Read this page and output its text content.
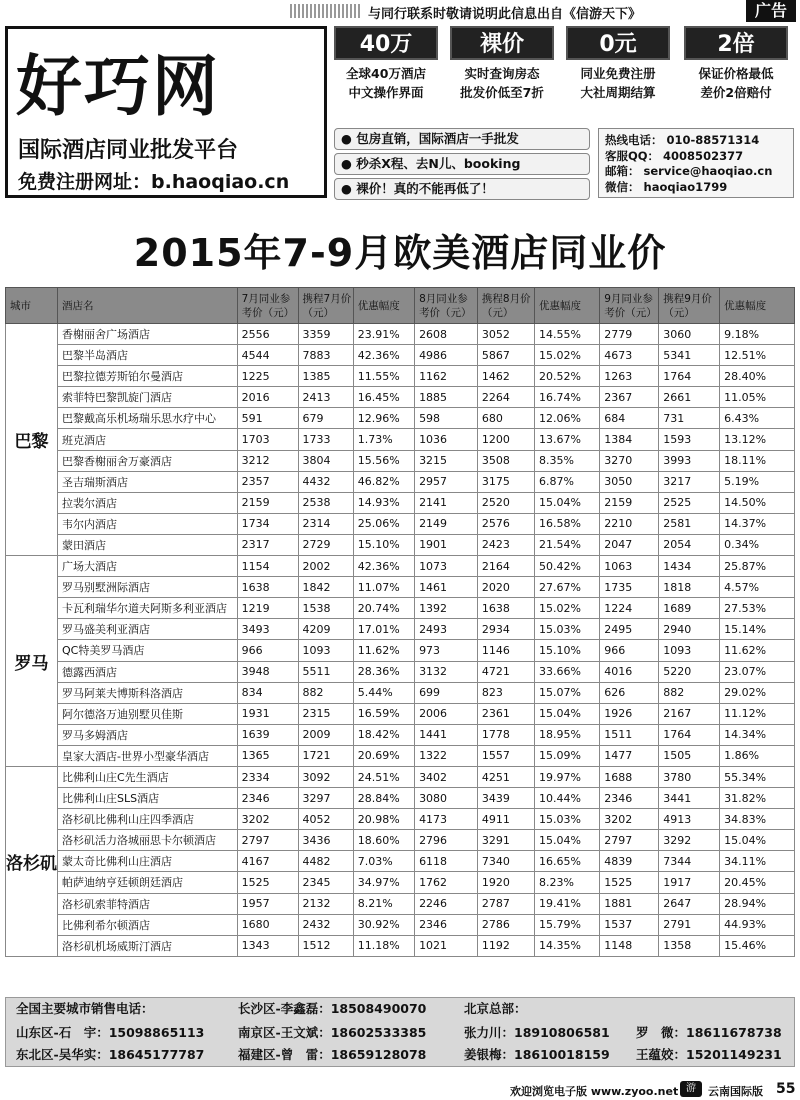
与同行联系时敬请说明此信息出自《信游天下》	广告
好巧网
国际酒店同业批发平台
免费注册网址：b.haoqiao.cn
40万
全球40万酒店
中文操作界面
裸价
实时查询房态
批发价低至7折
0元
同业免费注册
大社周期结算
2倍
保证价格最低
差价2倍赔付
● 包房直销，国际酒店一手批发
● 秒杀X程、去N儿、booking
● 裸价！真的不能再低了！
热线电话： 010-88571314
客服QQ： 4008502377
邮箱： service@haoqiao.cn
微信： haoqiao1799
2015年7-9月欧美酒店同业价
城市	酒店名	7月同业参考价（元）	携程7月价（元）	优惠幅度	8月同业参考价（元）	携程8月价（元）	优惠幅度	9月同业参考价（元）	携程9月价（元）	优惠幅度
巴黎	香榭丽舍广场酒店	2556	3359	23.91%	2608	3052	14.55%	2779	3060	9.18%
	巴黎半岛酒店	4544	7883	42.36%	4986	5867	15.02%	4673	5341	12.51%
	巴黎拉德芳斯铂尔曼酒店	1225	1385	11.55%	1162	1462	20.52%	1263	1764	28.40%
	索菲特巴黎凯旋门酒店	2016	2413	16.45%	1885	2264	16.74%	2367	2661	11.05%
	巴黎戴高乐机场瑞乐思水疗中心	591	679	12.96%	598	680	12.06%	684	731	6.43%
	班克酒店	1703	1733	1.73%	1036	1200	13.67%	1384	1593	13.12%
	巴黎香榭丽舍万豪酒店	3212	3804	15.56%	3215	3508	8.35%	3270	3993	18.11%
	圣吉瑞斯酒店	2357	4432	46.82%	2957	3175	6.87%	3050	3217	5.19%
	拉裴尔酒店	2159	2538	14.93%	2141	2520	15.04%	2159	2525	14.50%
	韦尔内酒店	1734	2314	25.06%	2149	2576	16.58%	2210	2581	14.37%
	蒙田酒店	2317	2729	15.10%	1901	2423	21.54%	2047	2054	0.34%
罗马	广场大酒店	1154	2002	42.36%	1073	2164	50.42%	1063	1434	25.87%
	罗马别墅洲际酒店	1638	1842	11.07%	1461	2020	27.67%	1735	1818	4.57%
	卡瓦利瑞华尔道夫阿斯多利亚酒店	1219	1538	20.74%	1392	1638	15.02%	1224	1689	27.53%
	罗马盛美利亚酒店	3493	4209	17.01%	2493	2934	15.03%	2495	2940	15.14%
	QC特美罗马酒店	966	1093	11.62%	973	1146	15.10%	966	1093	11.62%
	德露西酒店	3948	5511	28.36%	3132	4721	33.66%	4016	5220	23.07%
	罗马阿莱夫博斯科洛酒店	834	882	5.44%	699	823	15.07%	626	882	29.02%
	阿尔德洛万迪别墅贝佳斯	1931	2315	16.59%	2006	2361	15.04%	1926	2167	11.12%
	罗马多姆酒店	1639	2009	18.42%	1441	1778	18.95%	1511	1764	14.34%
	皇家大酒店-世界小型豪华酒店	1365	1721	20.69%	1322	1557	15.09%	1477	1505	1.86%
洛杉矶	比佛利山庄C先生酒店	2334	3092	24.51%	3402	4251	19.97%	1688	3780	55.34%
	比佛利山庄SLS酒店	2346	3297	28.84%	3080	3439	10.44%	2346	3441	31.82%
	洛杉矶比佛利山庄四季酒店	3202	4052	20.98%	4173	4911	15.03%	3202	4913	34.83%
	洛杉矶活力洛城丽思卡尔顿酒店	2797	3436	18.60%	2796	3291	15.04%	2797	3292	15.04%
	蒙太奇比佛利山庄酒店	4167	4482	7.03%	6118	7340	16.65%	4839	7344	34.11%
	帕萨迪纳亨廷顿朗廷酒店	1525	2345	34.97%	1762	1920	8.23%	1525	1917	20.45%
	洛杉矶索菲特酒店	1957	2132	8.21%	2246	2787	19.41%	1881	2647	28.94%
	比佛利希尔顿酒店	1680	2432	30.92%	2346	2786	15.79%	1537	2791	44.93%
	洛杉矶机场威斯汀酒店	1343	1512	11.18%	1021	1192	14.35%	1148	1358	15.46%
全国主要城市销售电话：
山东区-石　宇：15098865113
东北区-吴华实：18645177787
长沙区-李鑫磊：18508490070
南京区-王文斌：18602533385
福建区-曾　雷：18659128078
北京总部：
张力川：18910806581
姜银梅：18610018159
罗　微：18611678738
王蕴姣：15201149231
欢迎浏览电子版 www.zyoo.net 游	云南国际版 55
